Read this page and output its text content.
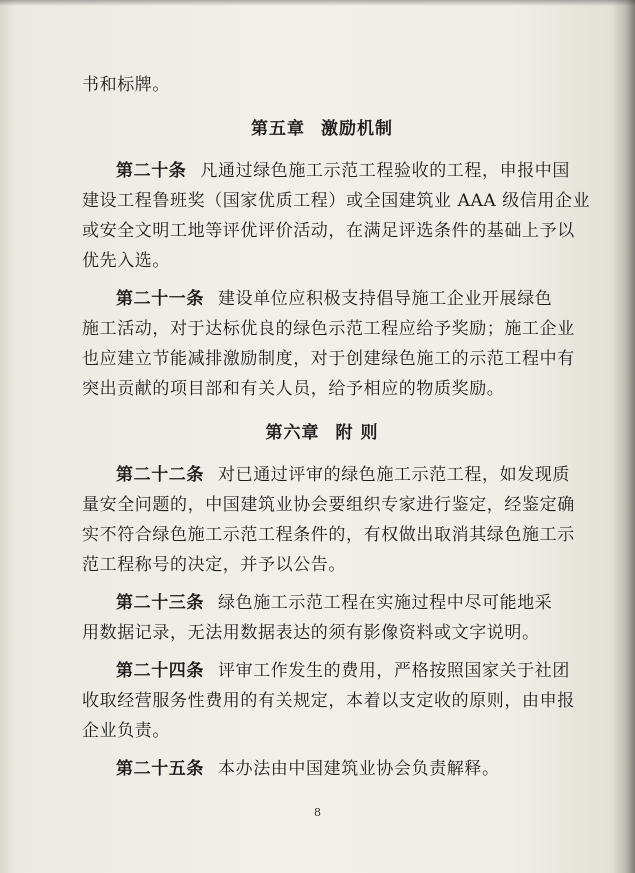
书和标牌。
第五章 激励机制
第二十条 凡通过绿色施工示范工程验收的工程，申报中国
建设工程鲁班奖（国家优质工程）或全国建筑业 AAA 级信用企业
或安全文明工地等评优评价活动，在满足评选条件的基础上予以
优先入选。
第二十一条 建设单位应积极支持倡导施工企业开展绿色
施工活动，对于达标优良的绿色示范工程应给予奖励；施工企业
也应建立节能减排激励制度，对于创建绿色施工的示范工程中有
突出贡献的项目部和有关人员，给予相应的物质奖励。
第六章 附 则
第二十二条 对已通过评审的绿色施工示范工程，如发现质
量安全问题的，中国建筑业协会要组织专家进行鉴定，经鉴定确
实不符合绿色施工示范工程条件的，有权做出取消其绿色施工示
范工程称号的决定，并予以公告。
第二十三条 绿色施工示范工程在实施过程中尽可能地采
用数据记录，无法用数据表达的须有影像资料或文字说明。
第二十四条 评审工作发生的费用，严格按照国家关于社团
收取经营服务性费用的有关规定，本着以支定收的原则，由申报
企业负责。
第二十五条 本办法由中国建筑业协会负责解释。
8
